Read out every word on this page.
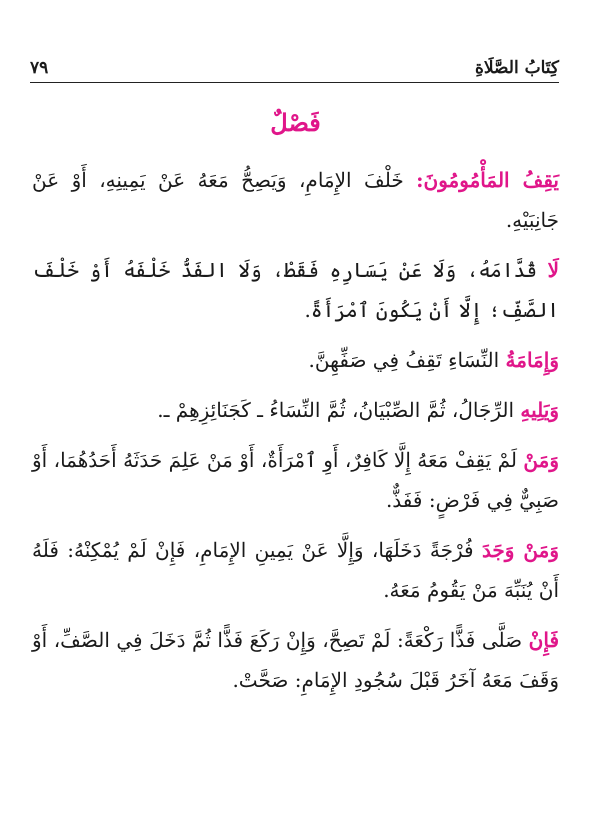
٧٩	كِتَابُ الصَّلَاةِ
فَصْلٌ

يَقِفُ المَأْمُومُونَ: خَلْفَ الإِمَامِ، وَيَصِحُّ مَعَهُ عَنْ يَمِينِهِ، أَوْ عَنْ جَانِبَيْهِ.

لَا قُدَّامَهُ، وَلَا عَنْ يَسَارِهِ فَقَطْ، وَلَا الفَذُّ خَلْفَهُ أَوْ خَلْفَ الصَّفِّ؛ إِلَّا أَنْ يَكُونَ ٱمْرَأَةً.

وَإِمَامَةُ النِّسَاءِ تَقِفُ فِي صَفِّهِنَّ.

وَيَلِيهِ الرِّجَالُ، ثُمَّ الصِّبْيَانُ، ثُمَّ النِّسَاءُ ـ كَجَنَائِزِهِمْ ـ.

وَمَنْ لَمْ يَقِفْ مَعَهُ إِلَّا كَافِرٌ، أَوِ ٱمْرَأَةٌ، أَوْ مَنْ عَلِمَ حَدَثَهُ أَحَدُهُمَا، أَوْ صَبِيٌّ فِي فَرْضٍ: فَفَذٌّ.

وَمَنْ وَجَدَ فُرْجَةً دَخَلَهَا، وَإِلَّا عَنْ يَمِينِ الإِمَامِ، فَإِنْ لَمْ يُمْكِنْهُ: فَلَهُ أَنْ يُنَبِّهَ مَنْ يَقُومُ مَعَهُ.

فَإِنْ صَلَّى فَذًّا رَكْعَةً: لَمْ تَصِحَّ، وَإِنْ رَكَعَ فَذًّا ثُمَّ دَخَلَ فِي الصَّفِّ، أَوْ وَقَفَ مَعَهُ آخَرُ قَبْلَ سُجُودِ الإِمَامِ: صَحَّتْ.
